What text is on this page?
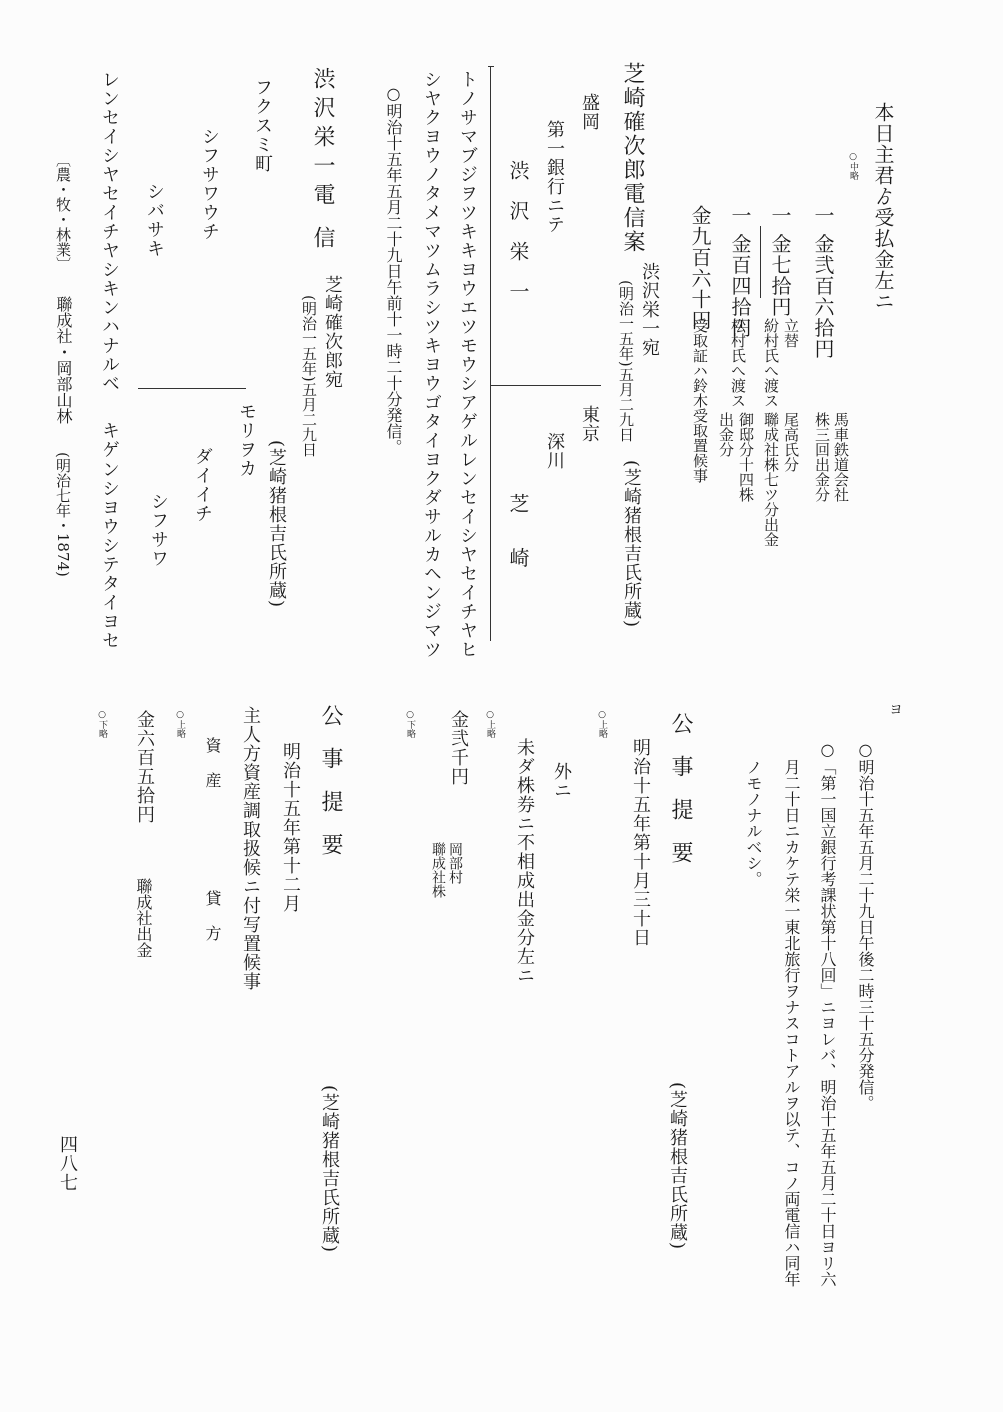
本日主君ゟ受払金左ニ
○中略
一 金弐百六拾円
馬車鉄道会社
株三回出金分
一 金七拾円
立替
紛村氏へ渡ス
尾高氏分
聯成社株七ツ分出金
一 金百四拾円
松村氏へ渡ス
御邸分十四株
出金分
金九百六十円
受取証ハ鈴木受取置候事
芝崎確次郎電信案
渋沢栄一宛
(明治一五年)五月二九日
(芝崎猪根吉氏所蔵)
盛岡
第一銀行ニテ
渋 沢 栄 一
東京
深川
芝 崎
トノサマブジヲツキキヨウエツモウシアゲルレンセイシヤセイチヤヒ
シヤクヨウノタメマツムラシツキヨウゴタイヨクダサルカヘンジマツ
○明治十五年五月二十九日午前十一時二十分発信。
渋沢栄一電 信
芝崎確次郎宛
(明治一五年)五月二九日
(芝崎猪根吉氏所蔵)
フクスミ町
シフサワウチ
シバサキ
モリヲカ
ダイイチ
シフサワ
レンセイシヤセイチヤシキンハナルベ
キゲ
ンシヨウシテタイヨセ
〔農・牧・林業〕
聯成社・岡部山林
(明治七年・1874)
ヨ
○明治十五年五月二十九日午後二時三十五分発信。
○「第一国立銀行考課状第十八回」ニヨレバ、明治十五年五月二十日ヨリ六
月二十日ニカケテ栄一東北旅行ヲナスコトアルヲ以テ、コノ両電信ハ同年
ノモノナルベシ。
公 事 提 要
(芝崎猪根吉氏所蔵)
明治十五年第十月三十日
○上略
外ニ
未ダ株券ニ不相成出金分左ニ
○上略
金弐千円
岡部村
聯成社株
○下略
公 事 提 要
(芝崎猪根吉氏所蔵)
明治十五年第十二月
主人方資産調取扱候ニ付写置候事
資 産
貸 方
○上略
金六百五拾円
聯成社出金
○下略
四八七
